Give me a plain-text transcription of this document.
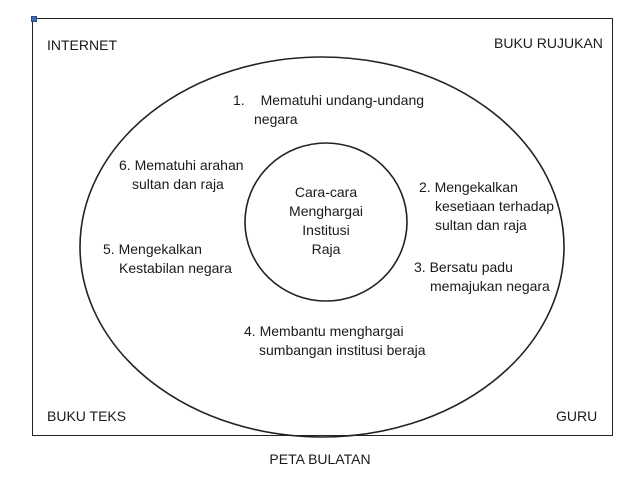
INTERNET	BUKU RUJUKAN
BUKU TEKS	GURU
Cara-cara
Menghargai
Institusi
Raja
1. Mematuhi undang-undang
negara
2. Mengekalkan
kesetiaan terhadap
sultan dan raja
3. Bersatu padu
memajukan negara
4. Membantu menghargai
sumbangan institusi beraja
5. Mengekalkan
Kestabilan negara
6. Mematuhi arahan
sultan dan raja
PETA BULATAN
